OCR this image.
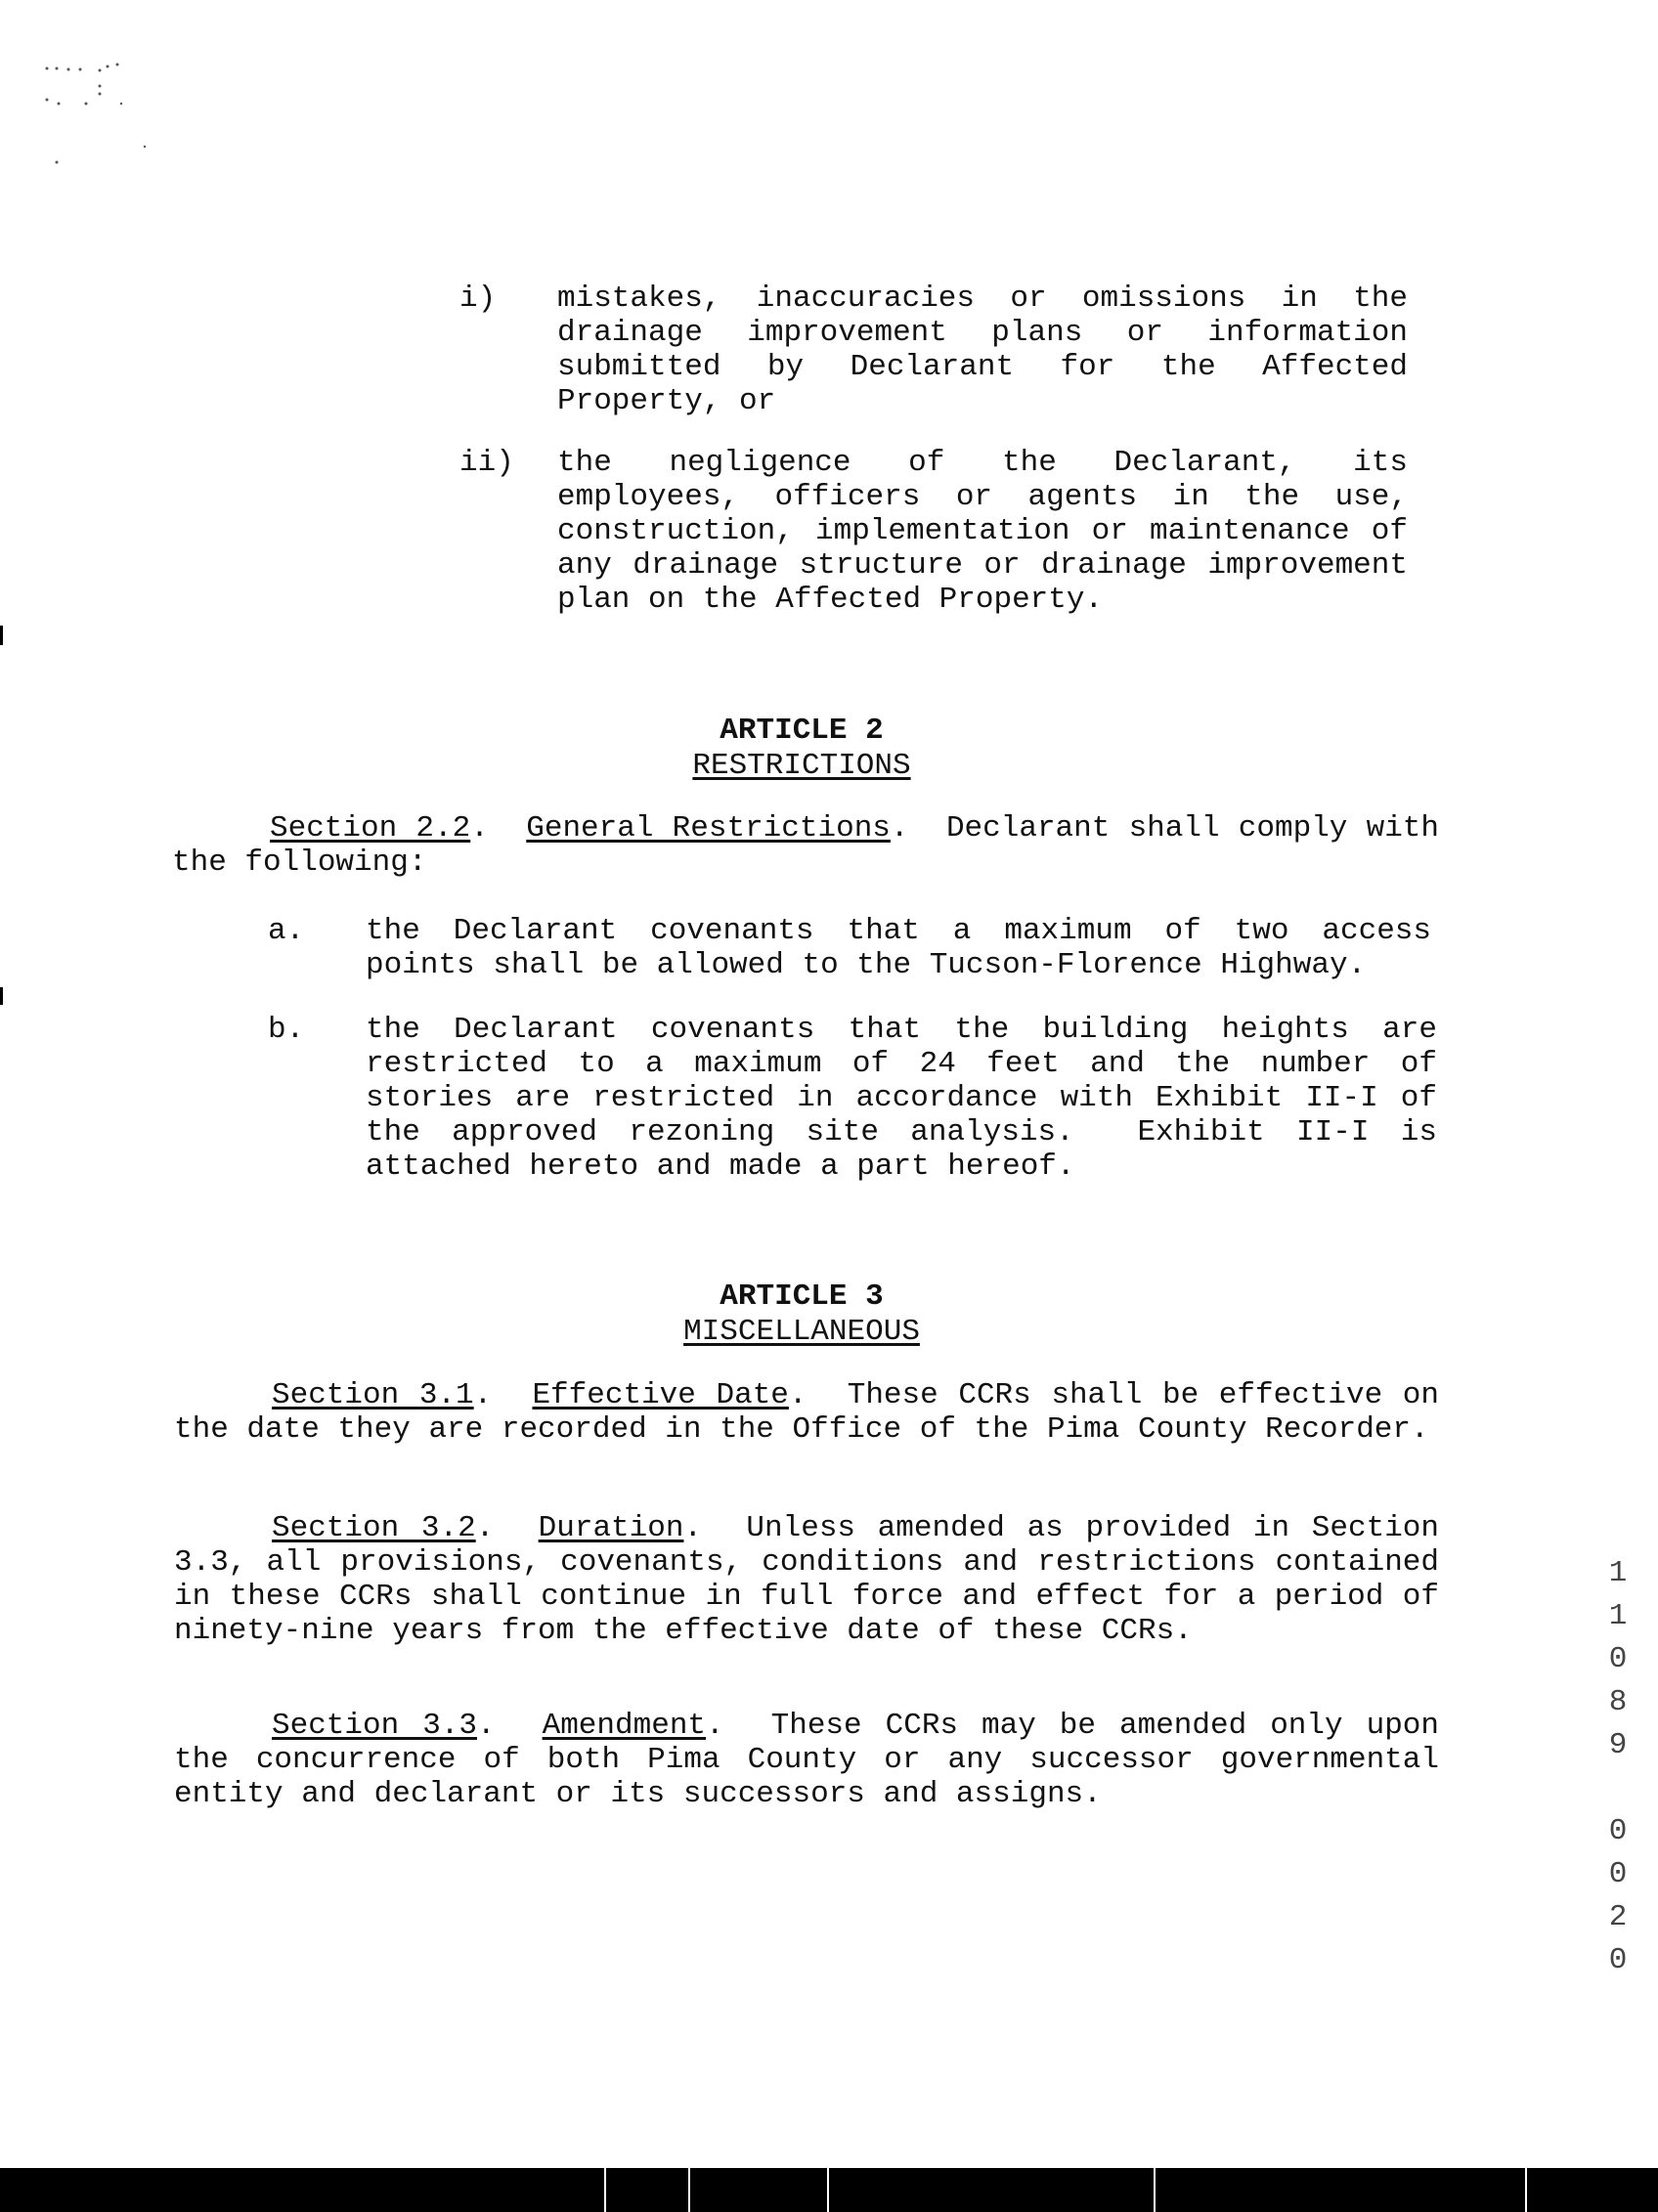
i) mistakes, inaccuracies or omissions in the drainage improvement plans or information submitted by Declarant for the Affected Property, or
ii) the negligence of the Declarant, its employees, officers or agents in the use, construction, implementation or maintenance of any drainage structure or drainage improvement plan on the Affected Property.
ARTICLE 2
RESTRICTIONS
Section 2.2.  General Restrictions.  Declarant shall comply with the following:
a. the Declarant covenants that a maximum of two access points shall be allowed to the Tucson-Florence Highway.
b. the Declarant covenants that the building heights are restricted to a maximum of 24 feet and the number of stories are restricted in accordance with Exhibit II-I of the approved rezoning site analysis.  Exhibit II-I is attached hereto and made a part hereof.
ARTICLE 3
MISCELLANEOUS
Section 3.1.  Effective Date.  These CCRs shall be effective on the date they are recorded in the Office of the Pima County Recorder.
Section 3.2.  Duration.  Unless amended as provided in Section 3.3, all provisions, covenants, conditions and restrictions contained in these CCRs shall continue in full force and effect for a period of ninety-nine years from the effective date of these CCRs.
Section 3.3.  Amendment.  These CCRs may be amended only upon the concurrence of both Pima County or any successor governmental entity and declarant or its successors and assigns.
1
1
0
8
9
0
0
2
0
